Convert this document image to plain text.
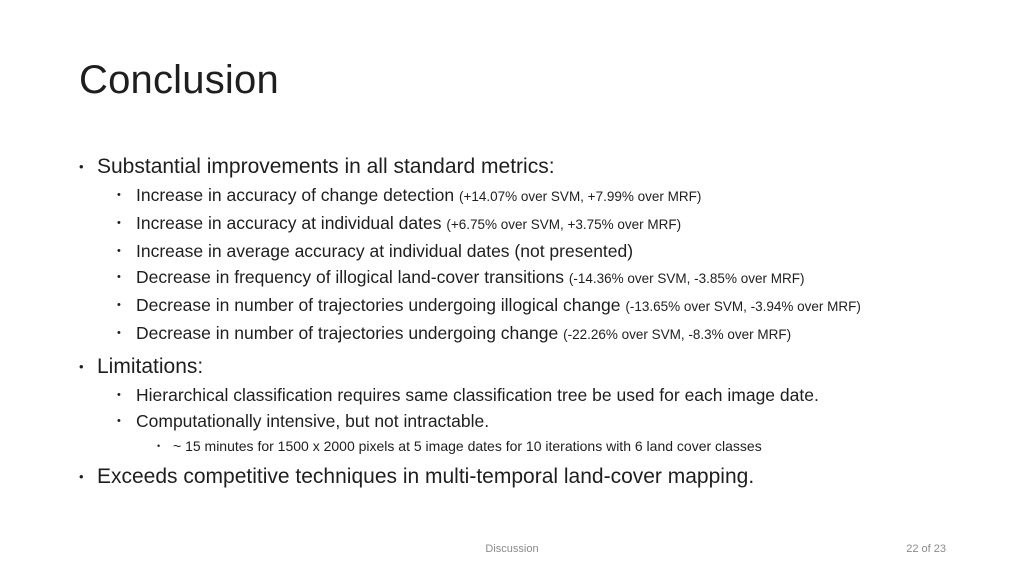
Conclusion
• Substantial improvements in all standard metrics:
• Increase in accuracy of change detection (+14.07% over SVM, +7.99% over MRF)
• Increase in accuracy at individual dates (+6.75% over SVM, +3.75% over MRF)
• Increase in average accuracy at individual dates (not presented)
• Decrease in frequency of illogical land-cover transitions (-14.36% over SVM, -3.85% over MRF)
• Decrease in number of trajectories undergoing illogical change (-13.65% over SVM, -3.94% over MRF)
• Decrease in number of trajectories undergoing change (-22.26% over SVM, -8.3% over MRF)
• Limitations:
• Hierarchical classification requires same classification tree be used for each image date.
• Computationally intensive, but not intractable.
• ~ 15 minutes for 1500 x 2000 pixels at 5 image dates for 10 iterations with 6 land cover classes
• Exceeds competitive techniques in multi-temporal land-cover mapping.
Discussion	22 of 23
